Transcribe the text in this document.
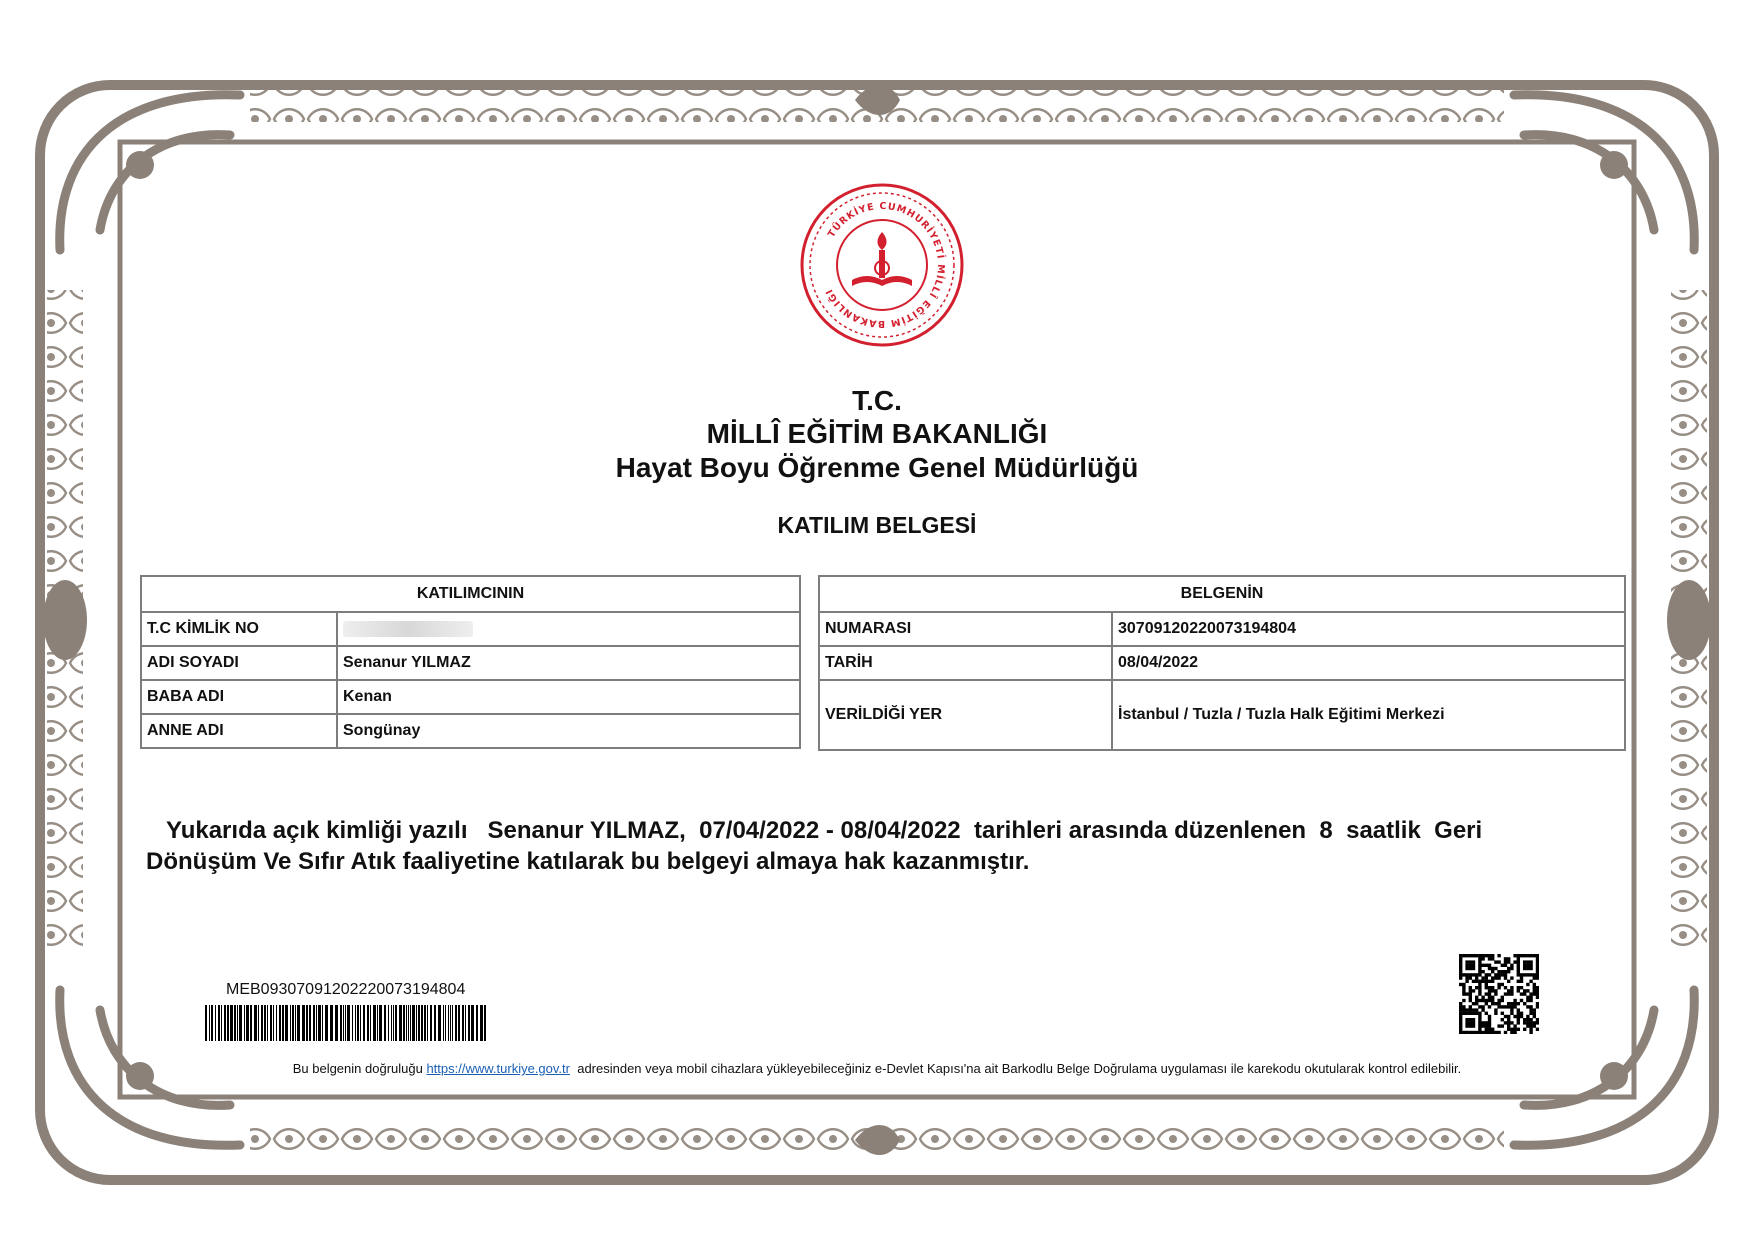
TÜRKİYE CUMHURİYETİ MİLLÎ EĞİTİM BAKANLIĞI
T.C.
MİLLÎ EĞİTİM BAKANLIĞI
Hayat Boyu Öğrenme Genel Müdürlüğü
KATILIM BELGESİ
KATILIMCININ	
T.C KİMLİK NO	
ADI SOYADI	Senanur YILMAZ
BABA ADI	Kenan
ANNE ADI	Songünay
BELGENİN	
NUMARASI	30709120220073194804
TARİH	08/04/2022
VERİLDİĞİ YER	İstanbul / Tuzla / Tuzla Halk Eğitimi Merkezi
Yukarıda açık kimliği yazılı   Senanur YILMAZ,  07/04/2022 - 08/04/2022  tarihleri arasında düzenlenen  8  saatlik  Geri Dönüşüm Ve Sıfır Atık faaliyetine katılarak bu belgeyi almaya hak kazanmıştır.
MEB09307091202220073194804
Bu belgenin doğruluğu https://www.turkiye.gov.tr  adresinden veya mobil cihazlara yükleyebileceğiniz e-Devlet Kapısı'na ait Barkodlu Belge Doğrulama uygulaması ile karekodu okutularak kontrol edilebilir.
